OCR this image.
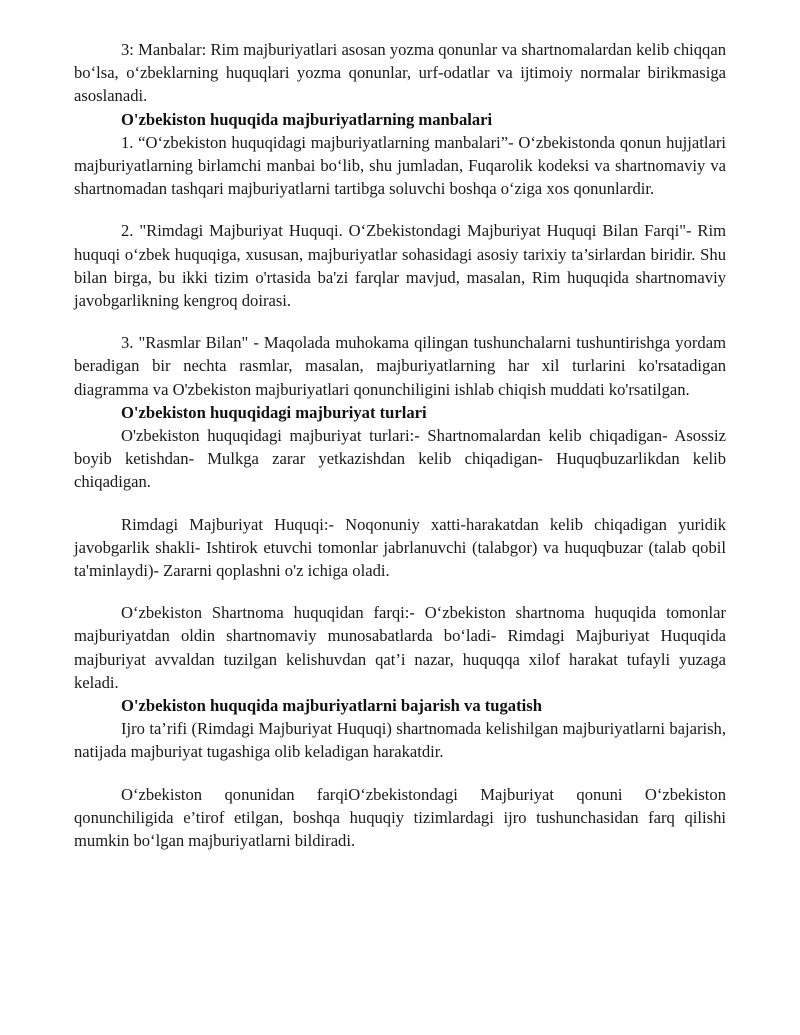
3: Manbalar: Rim majburiyatlari asosan yozma qonunlar va shartnomalardan kelib chiqqan bo‘lsa, o‘zbeklarning huquqlari yozma qonunlar, urf-odatlar va ijtimoiy normalar birikmasiga asoslanadi.

O'zbekiston huquqida majburiyatlarning manbalari

1. “O‘zbekiston huquqidagi majburiyatlarning manbalari”- O‘zbekistonda qonun hujjatlari majburiyatlarning birlamchi manbai bo‘lib, shu jumladan, Fuqarolik kodeksi va shartnomaviy va shartnomadan tashqari majburiyatlarni tartibga soluvchi boshqa o‘ziga xos qonunlardir.

2. "Rimdagi Majburiyat Huquqi. O‘Zbekistondagi Majburiyat Huquqi Bilan Farqi"- Rim huquqi o‘zbek huquqiga, xususan, majburiyatlar sohasidagi asosiy tarixiy ta’sirlardan biridir. Shu bilan birga, bu ikki tizim o'rtasida ba'zi farqlar mavjud, masalan, Rim huquqida shartnomaviy javobgarlikning kengroq doirasi.

3. "Rasmlar Bilan" - Maqolada muhokama qilingan tushunchalarni tushuntirishga yordam beradigan bir nechta rasmlar, masalan, majburiyatlarning har xil turlarini ko'rsatadigan diagramma va O'zbekiston majburiyatlari qonunchiligini ishlab chiqish muddati ko'rsatilgan.

O'zbekiston huquqidagi majburiyat turlari

O'zbekiston huquqidagi majburiyat turlari:- Shartnomalardan kelib chiqadigan- Asossiz boyib ketishdan- Mulkga zarar yetkazishdan kelib chiqadigan- Huquqbuzarlikdan kelib chiqadigan.

Rimdagi Majburiyat Huquqi:- Noqonuniy xatti-harakatdan kelib chiqadigan yuridik javobgarlik shakli- Ishtirok etuvchi tomonlar jabrlanuvchi (talabgor) va huquqbuzar (talab qobil ta'minlaydi)- Zararni qoplashni o'z ichiga oladi.

O‘zbekiston Shartnoma huquqidan farqi:- O‘zbekiston shartnoma huquqida tomonlar majburiyatdan oldin shartnomaviy munosabatlarda bo‘ladi- Rimdagi Majburiyat Huquqida majburiyat avvaldan tuzilgan kelishuvdan qat’i nazar, huquqqa xilof harakat tufayli yuzaga keladi.

O'zbekiston huquqida majburiyatlarni bajarish va tugatish

Ijro ta’rifi (Rimdagi Majburiyat Huquqi) shartnomada kelishilgan majburiyatlarni bajarish, natijada majburiyat tugashiga olib keladigan harakatdir.

O‘zbekiston qonunidan farqiO‘zbekistondagi Majburiyat qonuni O‘zbekiston qonunchiligida e’tirof etilgan, boshqa huquqiy tizimlardagi ijro tushunchasidan farq qilishi mumkin bo‘lgan majburiyatlarni bildiradi.
